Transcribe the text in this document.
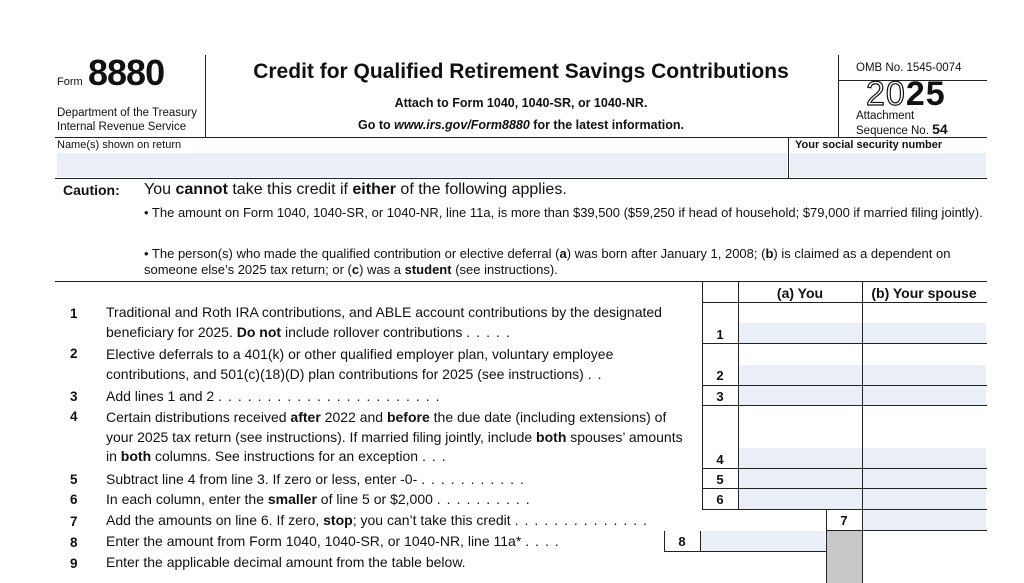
Form 8880
Department of the Treasury
Internal Revenue Service
Credit for Qualified Retirement Savings Contributions
Attach to Form 1040, 1040-SR, or 1040-NR.
Go to www.irs.gov/Form8880 for the latest information.
OMB No. 1545-0074
2025
Attachment
Sequence No. 54
Name(s) shown on return	Your social security number
Caution: You cannot take this credit if either of the following applies.
• The amount on Form 1040, 1040-SR, or 1040-NR, line 11a, is more than $39,500 ($59,250 if head of household; $79,000 if married filing jointly).
• The person(s) who made the qualified contribution or elective deferral (a) was born after January 1, 2008; (b) is claimed as a dependent on someone else’s 2025 tax return; or (c) was a student (see instructions).
(a) You	(b) Your spouse
1 Traditional and Roth IRA contributions, and ABLE account contributions by the designated beneficiary for 2025. Do not include rollover contributions .....	1
2 Elective deferrals to a 401(k) or other qualified employer plan, voluntary employee contributions, and 501(c)(18)(D) plan contributions for 2025 (see instructions) ..	2
3 Add lines 1 and 2 .......................	3
4 Certain distributions received after 2022 and before the due date (including extensions) of your 2025 tax return (see instructions). If married filing jointly, include both spouses’ amounts in both columns. See instructions for an exception ...	4
5 Subtract line 4 from line 3. If zero or less, enter -0- ...........	5
6 In each column, enter the smaller of line 5 or $2,000 ..........	6
7 Add the amounts on line 6. If zero, stop; you can’t take this credit ..............	7
8 Enter the amount from Form 1040, 1040-SR, or 1040-NR, line 11a* ....	8
9 Enter the applicable decimal amount from the table below.
